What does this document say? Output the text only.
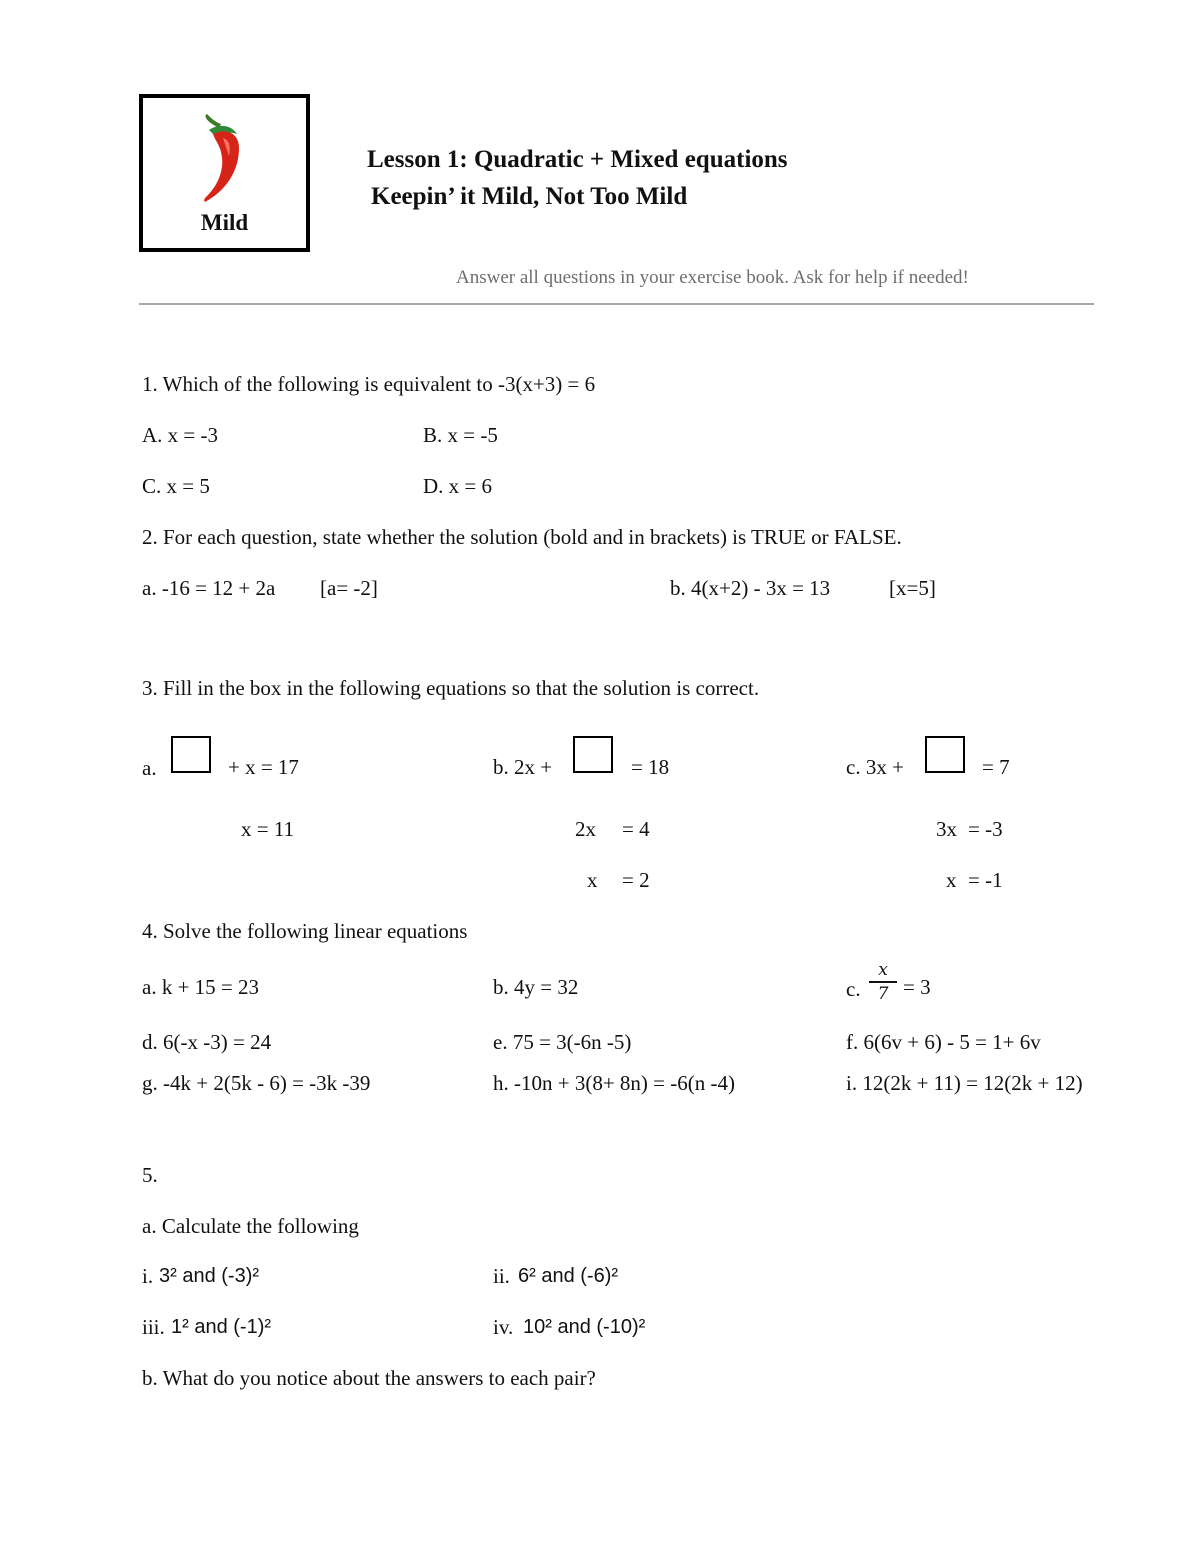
Mild
Lesson 1: Quadratic + Mixed equations
Keepin’ it Mild, Not Too Mild
Answer all questions in your exercise book. Ask for help if needed!
1. Which of the following is equivalent to -3(x+3) = 6
A. x = -3	B. x = -5
C. x = 5	D. x = 6
2. For each question, state whether the solution (bold and in brackets) is TRUE or FALSE.
a. -16 = 12 + 2a [a= -2]	b. 4(x+2) - 3x = 13	[x=5]
3. Fill in the box in the following equations so that the solution is correct.
a.	+ x = 17
x = 11
b. 2x +	= 18
2x = 4
x = 2
c. 3x +	= 7
3x = -3
x = -1
4. Solve the following linear equations
a. k + 15 = 23	b. 4y = 32	c.
x
7 = 3
d. 6(-x -3) = 24	e. 75 = 3(-6n -5)	f. 6(6v + 6) - 5 = 1+ 6v
g. -4k + 2(5k - 6) = -3k -39	h. -10n + 3(8+ 8n) = -6(n -4)	i. 12(2k + 11) = 12(2k + 12)
5.
a. Calculate the following
i. 3² and (-3)²	ii. 6² and (-6)²
iii. 1² and (-1)²	iv. 10² and (-10)²
b. What do you notice about the answers to each pair?
